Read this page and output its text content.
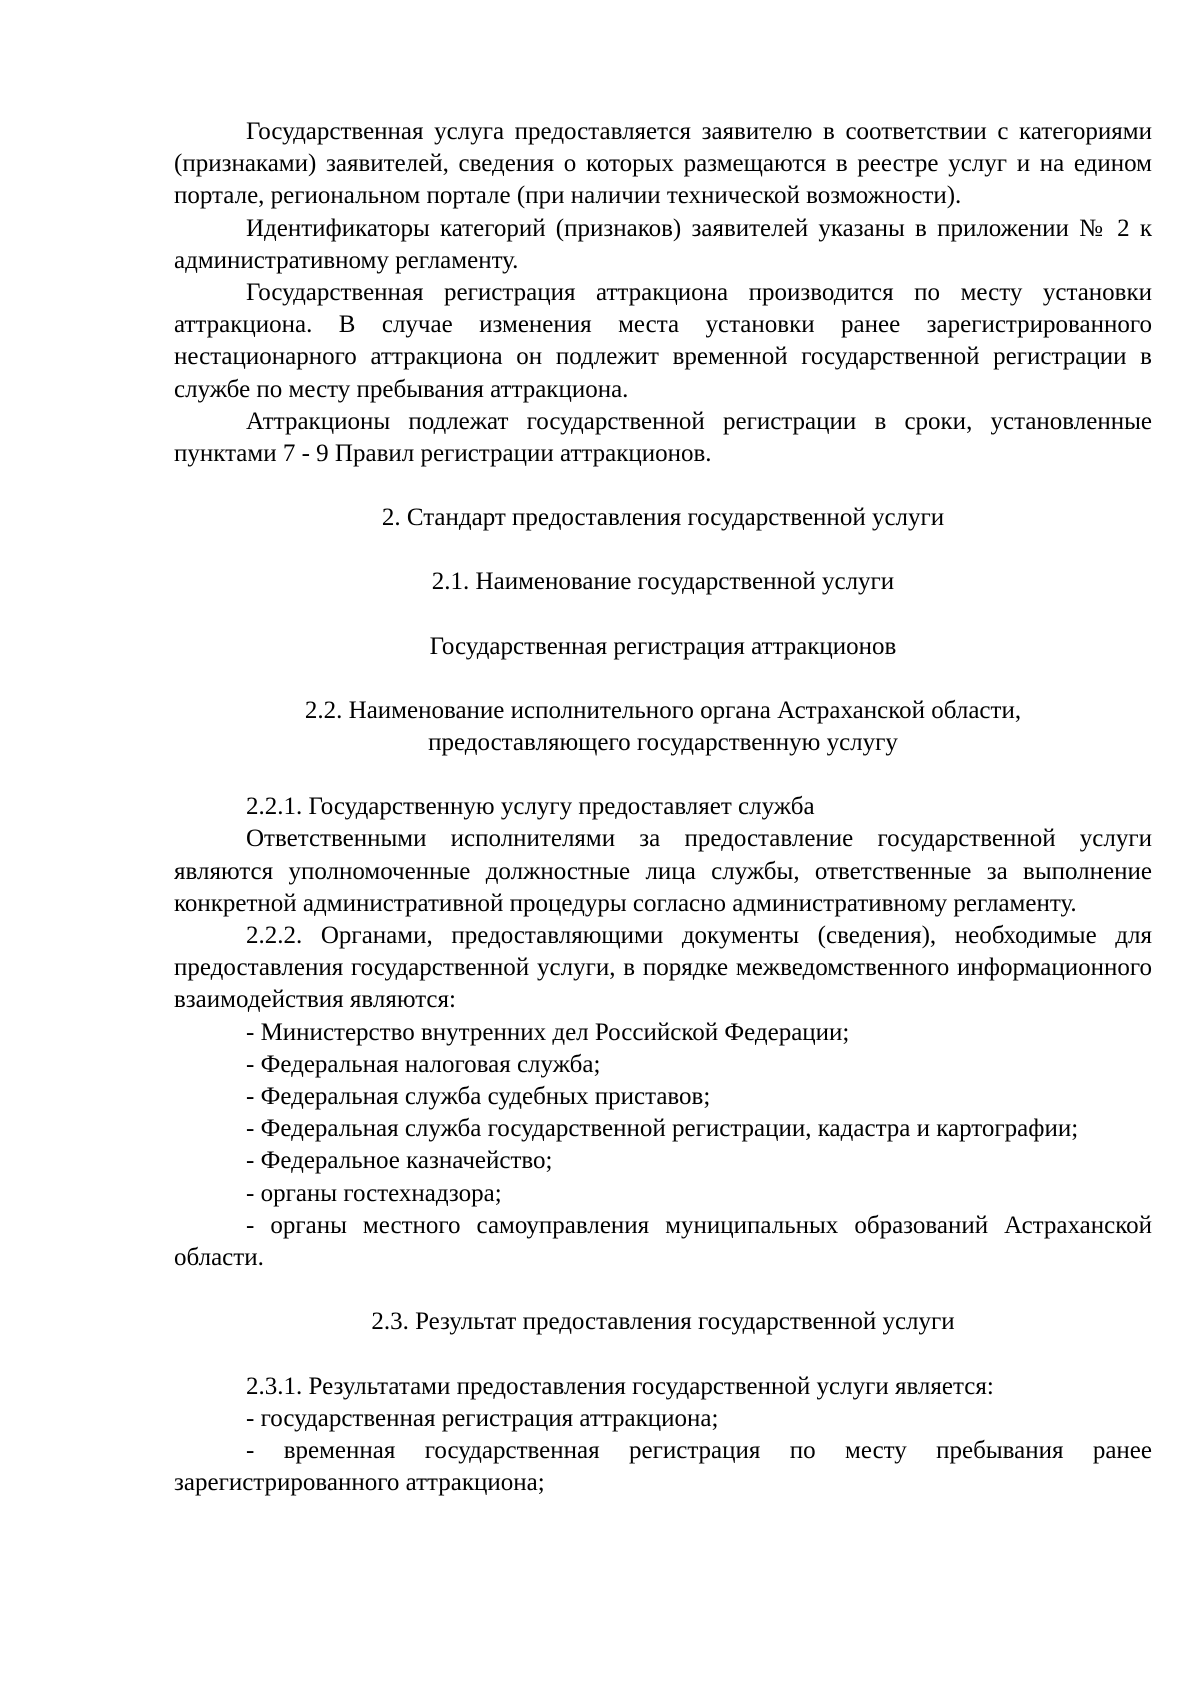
Государственная услуга предоставляется заявителю в соответствии с категориями (признаками) заявителей, сведения о которых размещаются в реестре услуг и на едином портале, региональном портале (при наличии технической возможности).

Идентификаторы категорий (признаков) заявителей указаны в приложении № 2 к административному регламенту.

Государственная регистрация аттракциона производится по месту установки аттракциона. В случае изменения места установки ранее зарегистрированного нестационарного аттракциона он подлежит временной государственной регистрации в службе по месту пребывания аттракциона.

Аттракционы подлежат государственной регистрации в сроки, установленные пунктами 7 - 9 Правил регистрации аттракционов.

2. Стандарт предоставления государственной услуги

2.1. Наименование государственной услуги

Государственная регистрация аттракционов

2.2. Наименование исполнительного органа Астраханской области,

предоставляющего государственную услугу

2.2.1. Государственную услугу предоставляет служба

Ответственными исполнителями за предоставление государственной услуги являются уполномоченные должностные лица службы, ответственные за выполнение конкретной административной процедуры согласно административному регламенту.

2.2.2. Органами, предоставляющими документы (сведения), необходимые для предоставления государственной услуги, в порядке межведомственного информационного взаимодействия являются:

- Министерство внутренних дел Российской Федерации;

- Федеральная налоговая служба;

- Федеральная служба судебных приставов;

- Федеральная служба государственной регистрации, кадастра и картографии;

- Федеральное казначейство;

- органы гостехнадзора;

- органы местного самоуправления муниципальных образований Астраханской области.

2.3. Результат предоставления государственной услуги

2.3.1. Результатами предоставления государственной услуги является:

- государственная регистрация аттракциона;

- временная государственная регистрация по месту пребывания ранее зарегистрированного аттракциона;
